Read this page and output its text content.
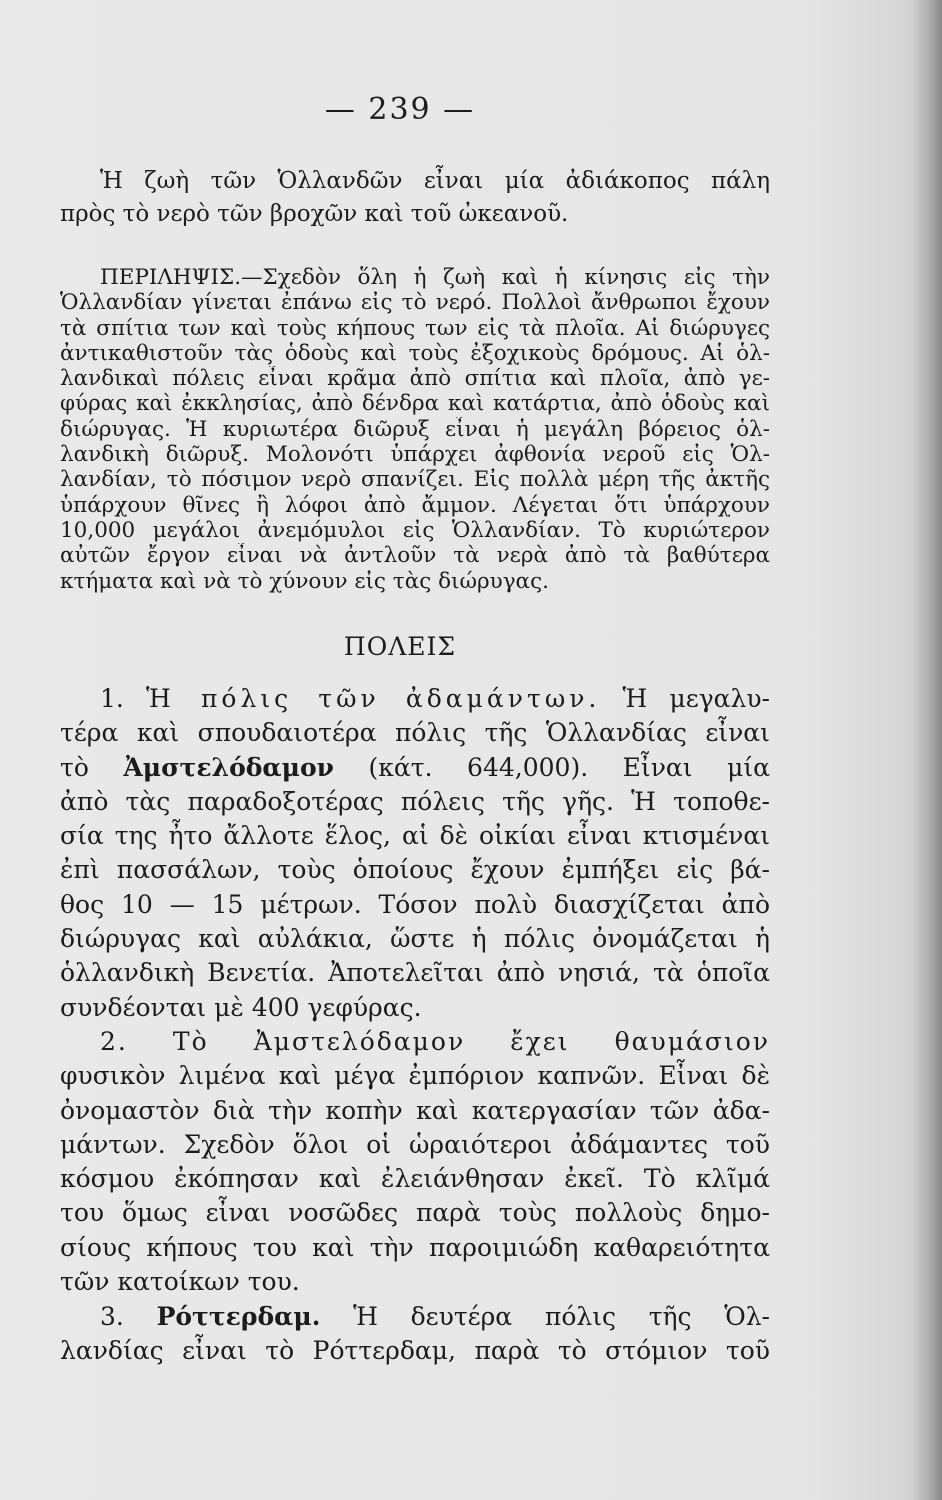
— 239 —
Ἡ ζωὴ τῶν Ὁλλανδῶν εἶναι μία ἀδιάκοπος πάλη
πρὸς τὸ νερὸ τῶν βροχῶν καὶ τοῦ ὠκεανοῦ.
ΠΕΡΙΛΗΨΙΣ.—Σχεδὸν ὅλη ἡ ζωὴ καὶ ἡ κίνησις εἰς τὴν
Ὁλλανδίαν γίνεται ἐπάνω εἰς τὸ νερό. Πολλοὶ ἄνθρωποι ἔχουν
τὰ σπίτια των καὶ τοὺς κήπους των εἰς τὰ πλοῖα. Αἱ διώρυγες
ἀντικαθιστοῦν τὰς ὁδοὺς καὶ τοὺς ἐξοχικοὺς δρόμους. Αἱ ὁλ-
λανδικαὶ πόλεις εἶναι κρᾶμα ἀπὸ σπίτια καὶ πλοῖα, ἀπὸ γε-
φύρας καὶ ἐκκλησίας, ἀπὸ δένδρα καὶ κατάρτια, ἀπὸ ὁδοὺς καὶ
διώρυγας. Ἡ κυριωτέρα διῶρυξ εἶναι ἡ μεγάλη βόρειος ὁλ-
λανδικὴ διῶρυξ. Μολονότι ὑπάρχει ἀφθονία νεροῦ εἰς Ὁλ-
λανδίαν, τὸ πόσιμον νερὸ σπανίζει. Εἰς πολλὰ μέρη τῆς ἀκτῆς
ὑπάρχουν θῖνες ἢ λόφοι ἀπὸ ἄμμον. Λέγεται ὅτι ὑπάρχουν
10,000 μεγάλοι ἀνεμόμυλοι εἰς Ὁλλανδίαν. Τὸ κυριώτερον
αὐτῶν ἔργον εἶναι νὰ ἀντλοῦν τὰ νερὰ ἀπὸ τὰ βαθύτερα
κτήματα καὶ νὰ τὸ χύνουν εἰς τὰς διώρυγας.
ΠΟΛΕΙΣ
1. Ἡ πόλις τῶν ἀδαμάντων. Ἡ μεγαλυ-
τέρα καὶ σπουδαιοτέρα πόλις τῆς Ὁλλανδίας εἶναι
τὸ Ἀμστελόδαμον (κάτ. 644,000). Εἶναι μία
ἀπὸ τὰς παραδοξοτέρας πόλεις τῆς γῆς. Ἡ τοποθε-
σία της ἦτο ἄλλοτε ἕλος, αἱ δὲ οἰκίαι εἶναι κτισμέναι
ἐπὶ πασσάλων, τοὺς ὁποίους ἔχουν ἐμπήξει εἰς βά-
θος 10 — 15 μέτρων. Τόσον πολὺ διασχίζεται ἀπὸ
διώρυγας καὶ αὐλάκια, ὥστε ἡ πόλις ὀνομάζεται ἡ
ὁλλανδικὴ Βενετία. Ἀποτελεῖται ἀπὸ νησιά, τὰ ὁποῖα
συνδέονται μὲ 400 γεφύρας.
2. Τὸ Ἀμστελόδαμον ἔχει θαυμάσιον
φυσικὸν λιμένα καὶ μέγα ἐμπόριον καπνῶν. Εἶναι δὲ
ὀνομαστὸν διὰ τὴν κοπὴν καὶ κατεργασίαν τῶν ἀδα-
μάντων. Σχεδὸν ὅλοι οἱ ὡραιότεροι ἀδάμαντες τοῦ
κόσμου ἐκόπησαν καὶ ἐλειάνθησαν ἐκεῖ. Τὸ κλῖμά
του ὅμως εἶναι νοσῶδες παρὰ τοὺς πολλοὺς δημο-
σίους κήπους του καὶ τὴν παροιμιώδη καθαρειότητα
τῶν κατοίκων του.
3. Ρόττερδαμ. Ἡ δευτέρα πόλις τῆς Ὁλ-
λανδίας εἶναι τὸ Ρόττερδαμ, παρὰ τὸ στόμιον τοῦ
